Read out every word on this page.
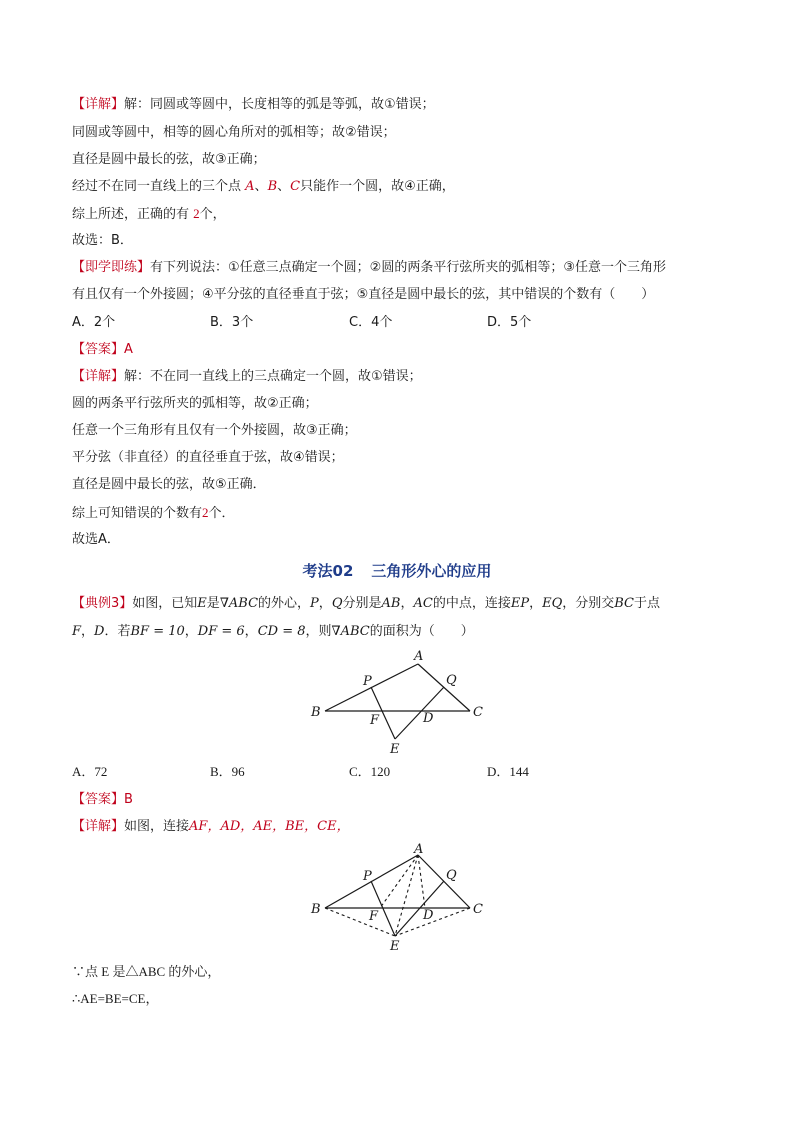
【详解】解：同圆或等圆中，长度相等的弧是等弧，故①错误；
同圆或等圆中，相等的圆心角所对的弧相等；故②错误；
直径是圆中最长的弦，故③正确；
经过不在同一直线上的三个点 A、B、C只能作一个圆，故④正确，
综上所述，正确的有 2个，
故选：B．
【即学即练】有下列说法：①任意三点确定一个圆；②圆的两条平行弦所夹的弧相等；③任意一个三角形
有且仅有一个外接圆；④平分弦的直径垂直于弦；⑤直径是圆中最长的弦，其中错误的个数有（　　）
A．2个	B．3个	C．4个	D．5个
【答案】A
【详解】解：不在同一直线上的三点确定一个圆，故①错误；
圆的两条平行弦所夹的弧相等，故②正确；
任意一个三角形有且仅有一个外接圆，故③正确；
平分弦（非直径）的直径垂直于弦，故④错误；
直径是圆中最长的弦，故⑤正确．
综上可知错误的个数有2个．
故选A．
考法02 三角形外心的应用
【典例3】如图，已知E是∇ABC的外心，P，Q分别是AB，AC的中点，连接EP，EQ，分别交BC于点
F，D．若BF = 10，DF = 6，CD = 8，则∇ABC的面积为（　　）
A
B	C
P	Q
F	D
E
A．72	B．96	C．120	D．144
【答案】B
【详解】如图，连接AF，AD，AE，BE，CE，
A
B	C
P	Q
F	D
E
∵点 E 是△ABC 的外心，
∴AE=BE=CE，
